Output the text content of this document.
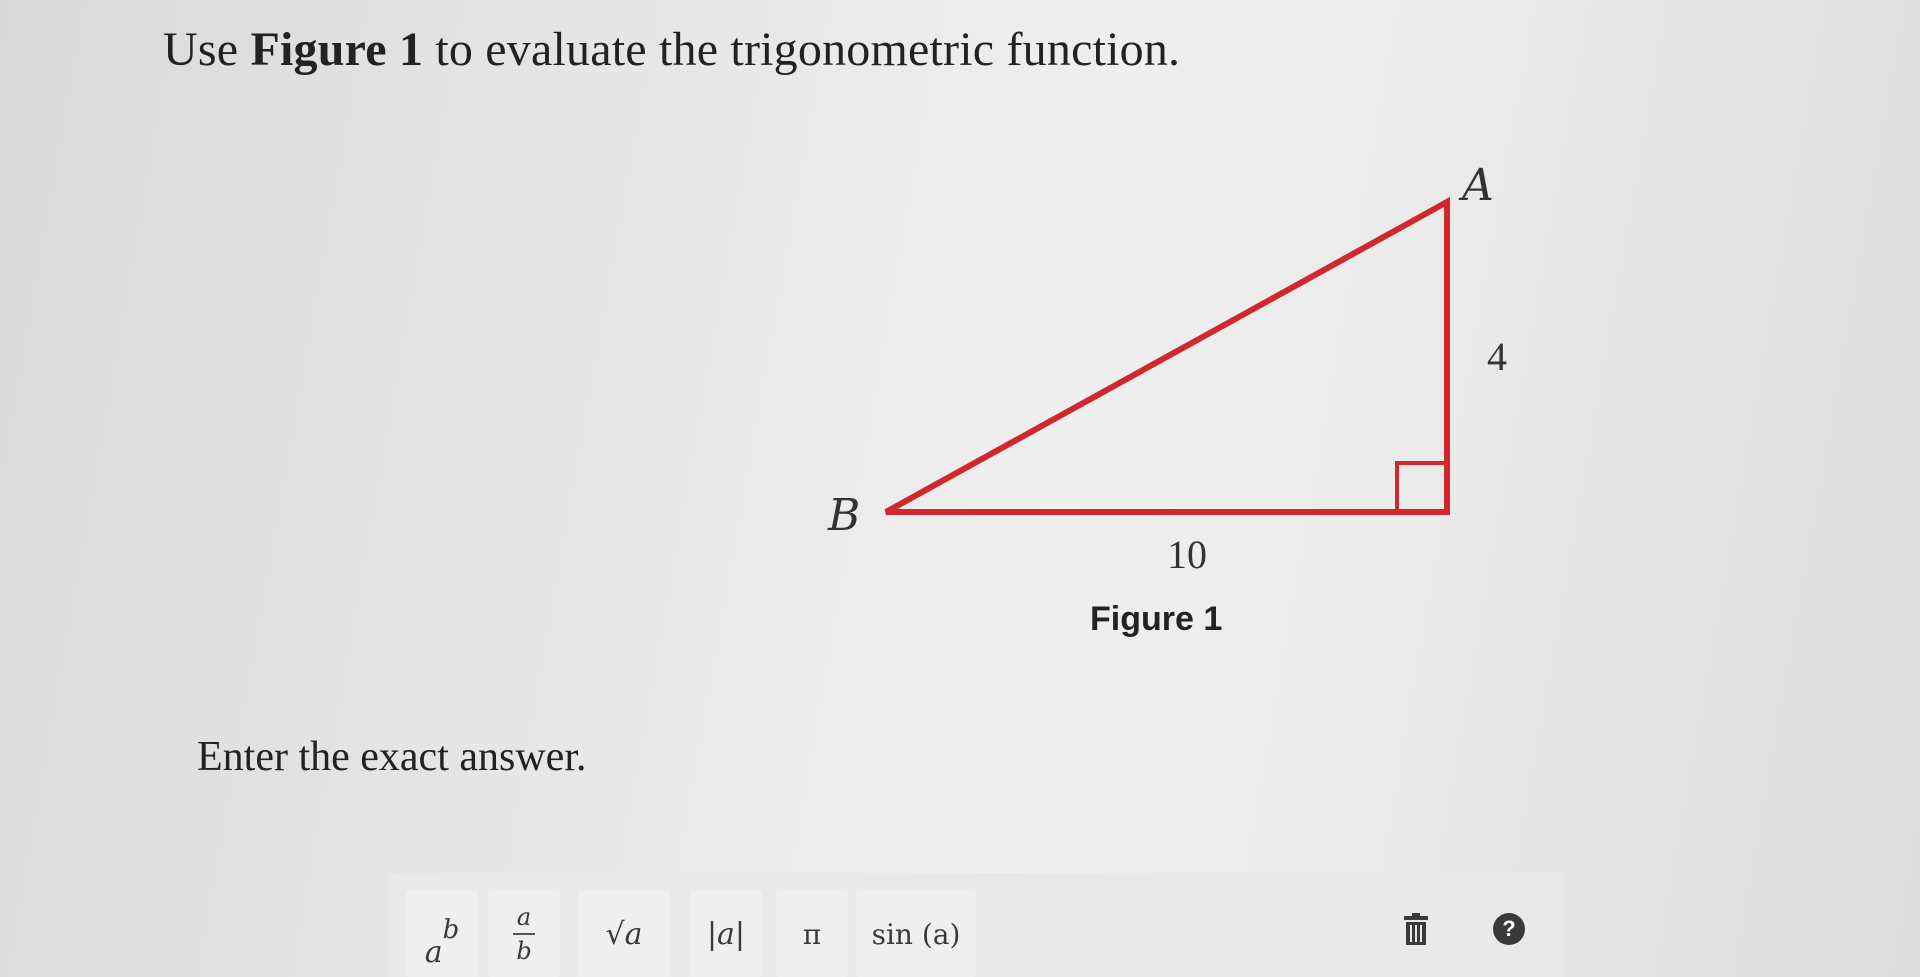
Use Figure 1 to evaluate the trigonometric function.
A
B
4
10
Figure 1
Enter the exact answer.
a
b a
b √a |a| π sin (a)	?
